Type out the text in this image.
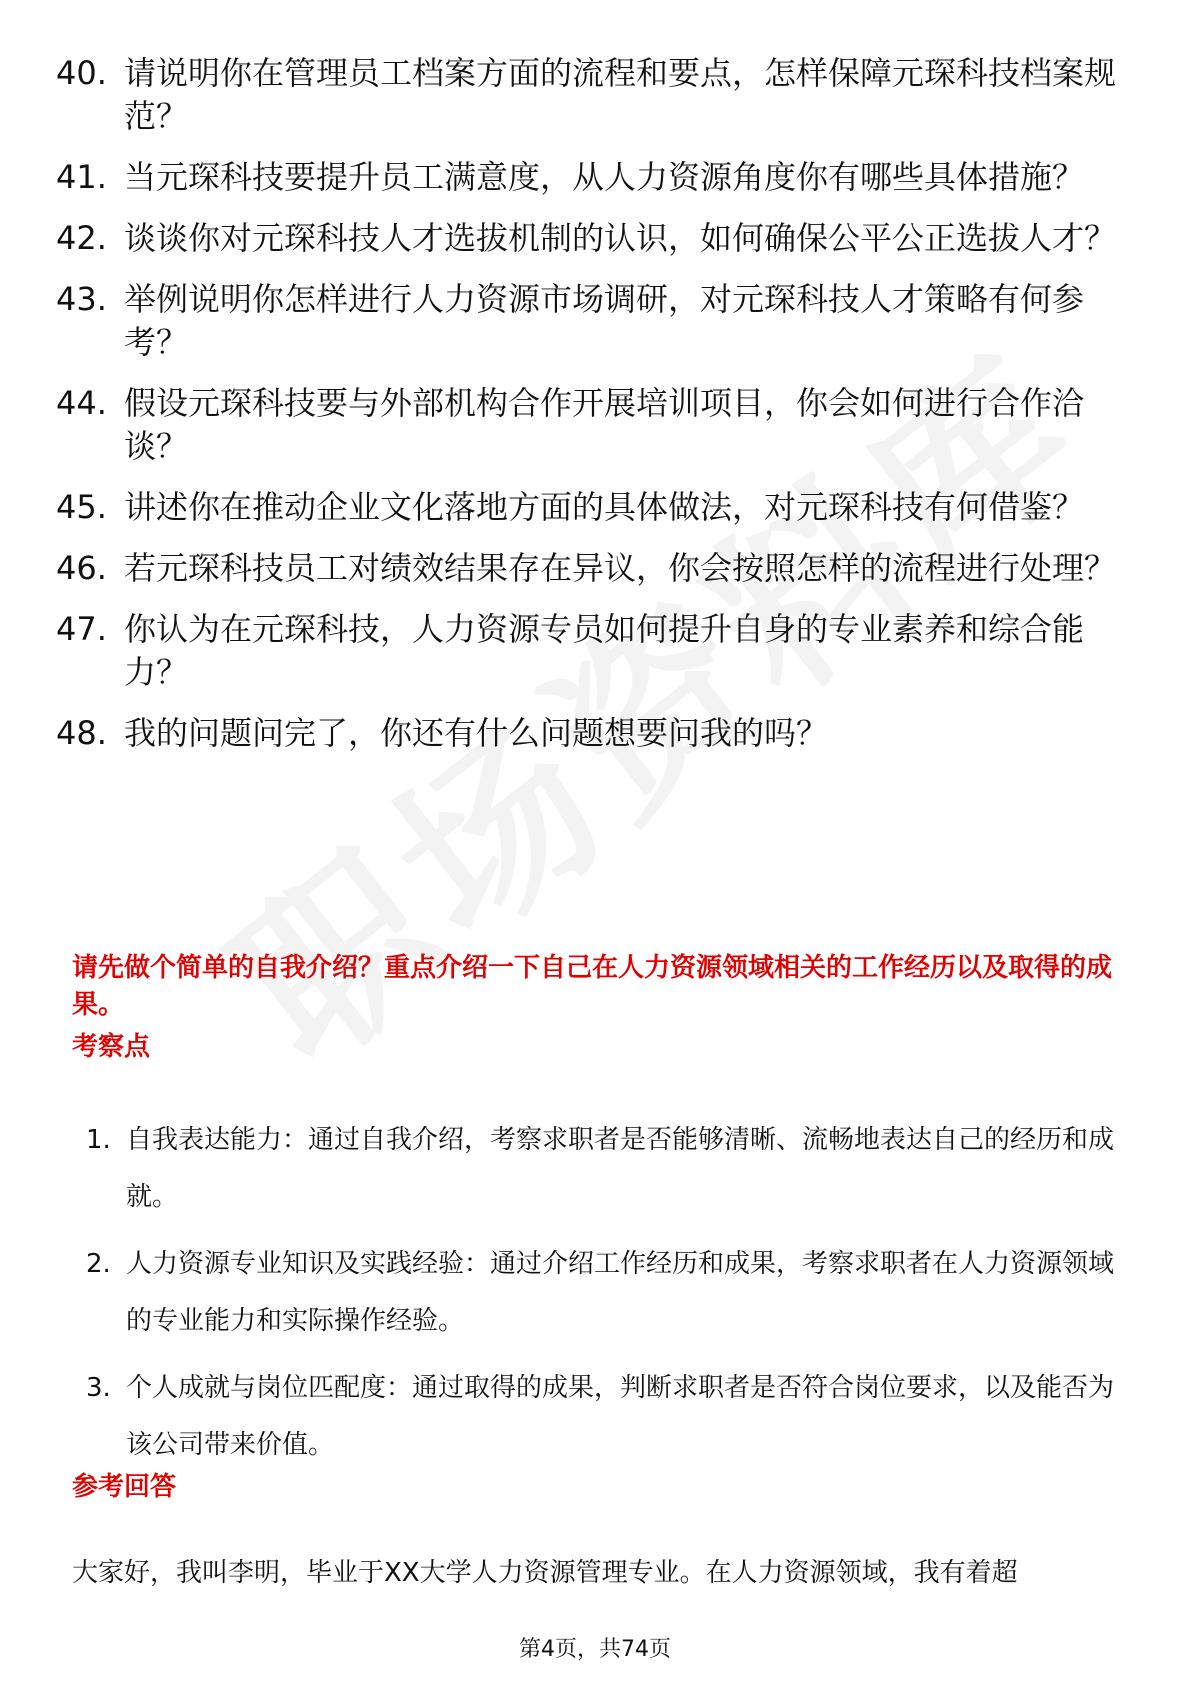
40. 请说明你在管理员工档案方面的流程和要点，怎样保障元琛科技档案规范？
41. 当元琛科技要提升员工满意度，从人力资源角度你有哪些具体措施？
42. 谈谈你对元琛科技人才选拔机制的认识，如何确保公平公正选拔人才？
43. 举例说明你怎样进行人力资源市场调研，对元琛科技人才策略有何参考？
44. 假设元琛科技要与外部机构合作开展培训项目，你会如何进行合作洽谈？
45. 讲述你在推动企业文化落地方面的具体做法，对元琛科技有何借鉴？
46. 若元琛科技员工对绩效结果存在异议，你会按照怎样的流程进行处理？
47. 你认为在元琛科技，人力资源专员如何提升自身的专业素养和综合能力？
48. 我的问题问完了，你还有什么问题想要问我的吗？
请先做个简单的自我介绍？重点介绍一下自己在人力资源领域相关的工作经历以及取得的成果。
考察点
1. 自我表达能力：通过自我介绍，考察求职者是否能够清晰、流畅地表达自己的经历和成就。
2. 人力资源专业知识及实践经验：通过介绍工作经历和成果，考察求职者在人力资源领域的专业能力和实际操作经验。
3. 个人成就与岗位匹配度：通过取得的成果，判断求职者是否符合岗位要求，以及能否为该公司带来价值。
参考回答
大家好，我叫李明，毕业于XX大学人力资源管理专业。在人力资源领域，我有着超
第4页，共74页
